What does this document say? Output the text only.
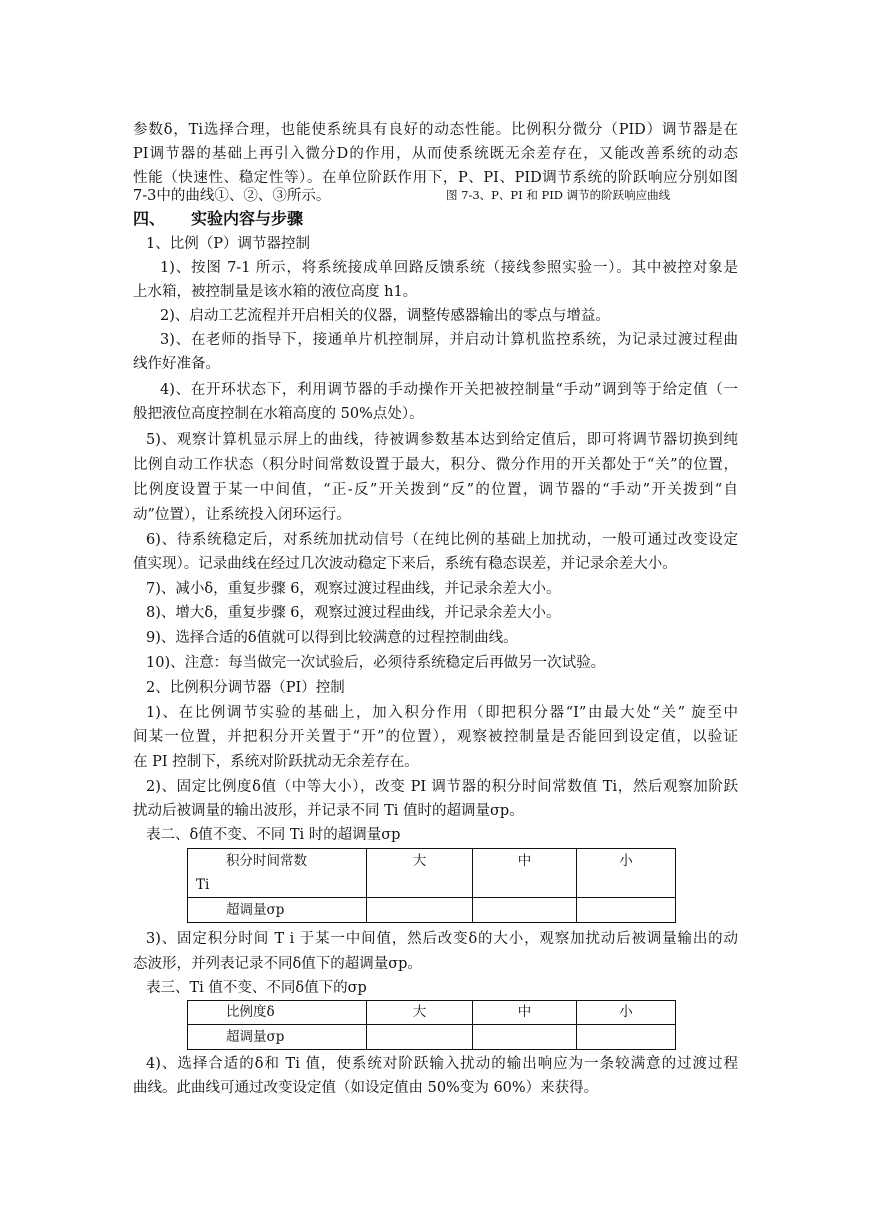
参数δ，Ti选择合理，也能使系统具有良好的动态性能。比例积分微分（PID）调节器是在
PI调节器的基础上再引入微分D的作用，从而使系统既无余差存在，又能改善系统的动态
性能（快速性、稳定性等）。在单位阶跃作用下，P、PI、PID调节系统的阶跃响应分别如图
7-3中的曲线①、②、③所示。	图 7-3、P、PI 和 PID 调节的阶跃响应曲线
四、 实验内容与步骤
1、比例（P）调节器控制
1)、按图 7-1 所示，将系统接成单回路反馈系统（接线参照实验一）。其中被控对象是
上水箱，被控制量是该水箱的液位高度 h1。
2)、启动工艺流程并开启相关的仪器，调整传感器输出的零点与增益。
3)、在老师的指导下，接通单片机控制屏，并启动计算机监控系统，为记录过渡过程曲
线作好准备。
4)、在开环状态下，利用调节器的手动操作开关把被控制量“手动”调到等于给定值（一
般把液位高度控制在水箱高度的 50%点处）。
5)、观察计算机显示屏上的曲线，待被调参数基本达到给定值后，即可将调节器切换到纯
比例自动工作状态（积分时间常数设置于最大，积分、微分作用的开关都处于“关”的位置，
比例度设置于某一中间值，“正-反”开关拨到“反”的位置，调节器的“手动”开关拨到“自
动”位置），让系统投入闭环运行。
6)、待系统稳定后，对系统加扰动信号（在纯比例的基础上加扰动，一般可通过改变设定
值实现）。记录曲线在经过几次波动稳定下来后，系统有稳态误差，并记录余差大小。
7)、减小δ，重复步骤 6，观察过渡过程曲线，并记录余差大小。
8)、增大δ，重复步骤 6，观察过渡过程曲线，并记录余差大小。
9)、选择合适的δ值就可以得到比较满意的过程控制曲线。
10)、注意：每当做完一次试验后，必须待系统稳定后再做另一次试验。
2、比例积分调节器（PI）控制
1)、在比例调节实验的基础上，加入积分作用（即把积分器“I”由最大处“关” 旋至中
间某一位置，并把积分开关置于“开”的位置），观察被控制量是否能回到设定值，以验证
在 PI 控制下，系统对阶跃扰动无余差存在。
2)、固定比例度δ值（中等大小），改变 PI 调节器的积分时间常数值 Ti，然后观察加阶跃
扰动后被调量的输出波形，并记录不同 Ti 值时的超调量σp。
表二、δ值不变、不同 Ti 时的超调量σp
积分时间常数
Ti	大	中	小
超调量σp			
3)、固定积分时间 T i 于某一中间值，然后改变δ的大小，观察加扰动后被调量输出的动
态波形，并列表记录不同δ值下的超调量σp。
表三、Ti 值不变、不同δ值下的σp
比例度δ	大	中	小
超调量σp			
4)、选择合适的δ和 Ti 值，使系统对阶跃输入扰动的输出响应为一条较满意的过渡过程
曲线。此曲线可通过改变设定值（如设定值由 50%变为 60%）来获得。
